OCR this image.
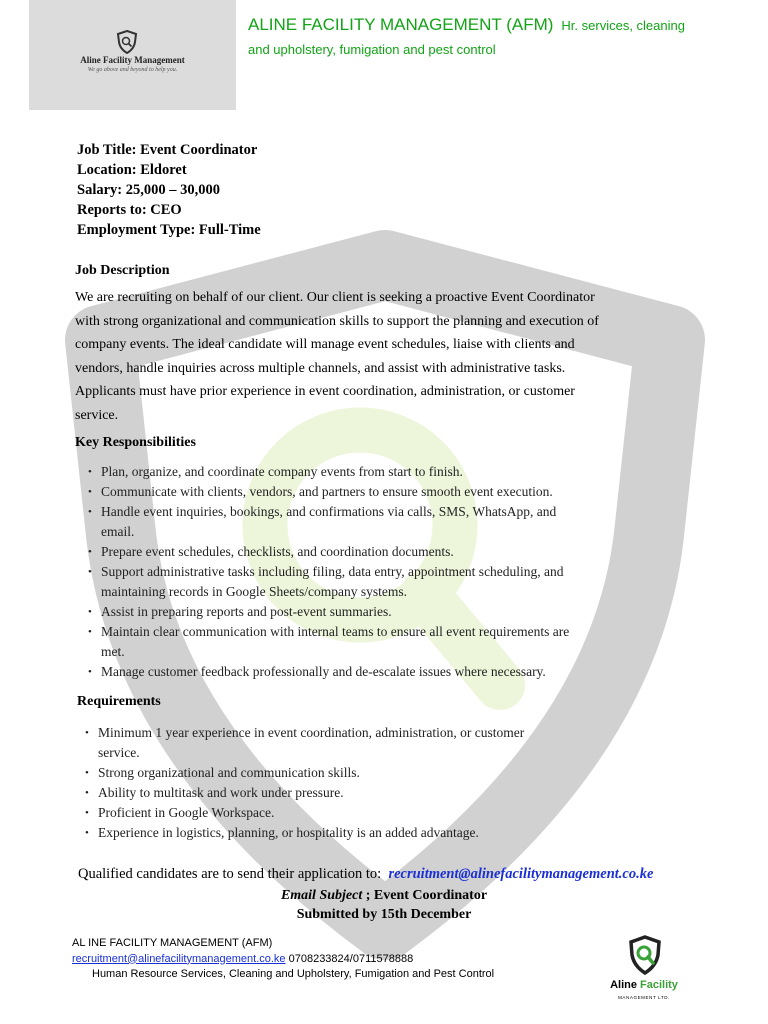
Aline Facility Management
We go above and beyond to help you.
ALINE FACILITY MANAGEMENT (AFM) Hr. services, cleaning
and upholstery, fumigation and pest control
Job Title: Event Coordinator
Location: Eldoret
Salary: 25,000 – 30,000
Reports to: CEO
Employment Type: Full-Time
Job Description
We are recruiting on behalf of our client. Our client is seeking a proactive Event Coordinator
with strong organizational and communication skills to support the planning and execution of
company events. The ideal candidate will manage event schedules, liaise with clients and
vendors, handle inquiries across multiple channels, and assist with administrative tasks.
Applicants must have prior experience in event coordination, administration, or customer
service.
Key Responsibilities
• Plan, organize, and coordinate company events from start to finish.
• Communicate with clients, vendors, and partners to ensure smooth event execution.
• Handle event inquiries, bookings, and confirmations via calls, SMS, WhatsApp, and
email.
• Prepare event schedules, checklists, and coordination documents.
• Support administrative tasks including filing, data entry, appointment scheduling, and
maintaining records in Google Sheets/company systems.
• Assist in preparing reports and post-event summaries.
• Maintain clear communication with internal teams to ensure all event requirements are
met.
• Manage customer feedback professionally and de-escalate issues where necessary.
Requirements
• Minimum 1 year experience in event coordination, administration, or customer
service.
• Strong organizational and communication skills.
• Ability to multitask and work under pressure.
• Proficient in Google Workspace.
• Experience in logistics, planning, or hospitality is an added advantage.
Qualified candidates are to send their application to: recruitment@alinefacilitymanagement.co.ke
Email Subject ; Event Coordinator
Submitted by 15th December
AL INE FACILITY MANAGEMENT (AFM)
recruitment@alinefacilitymanagement.co.ke 0708233824/0711578888
Human Resource Services, Cleaning and Upholstery, Fumigation and Pest Control
Aline Facility
MANAGEMENT LTD.
